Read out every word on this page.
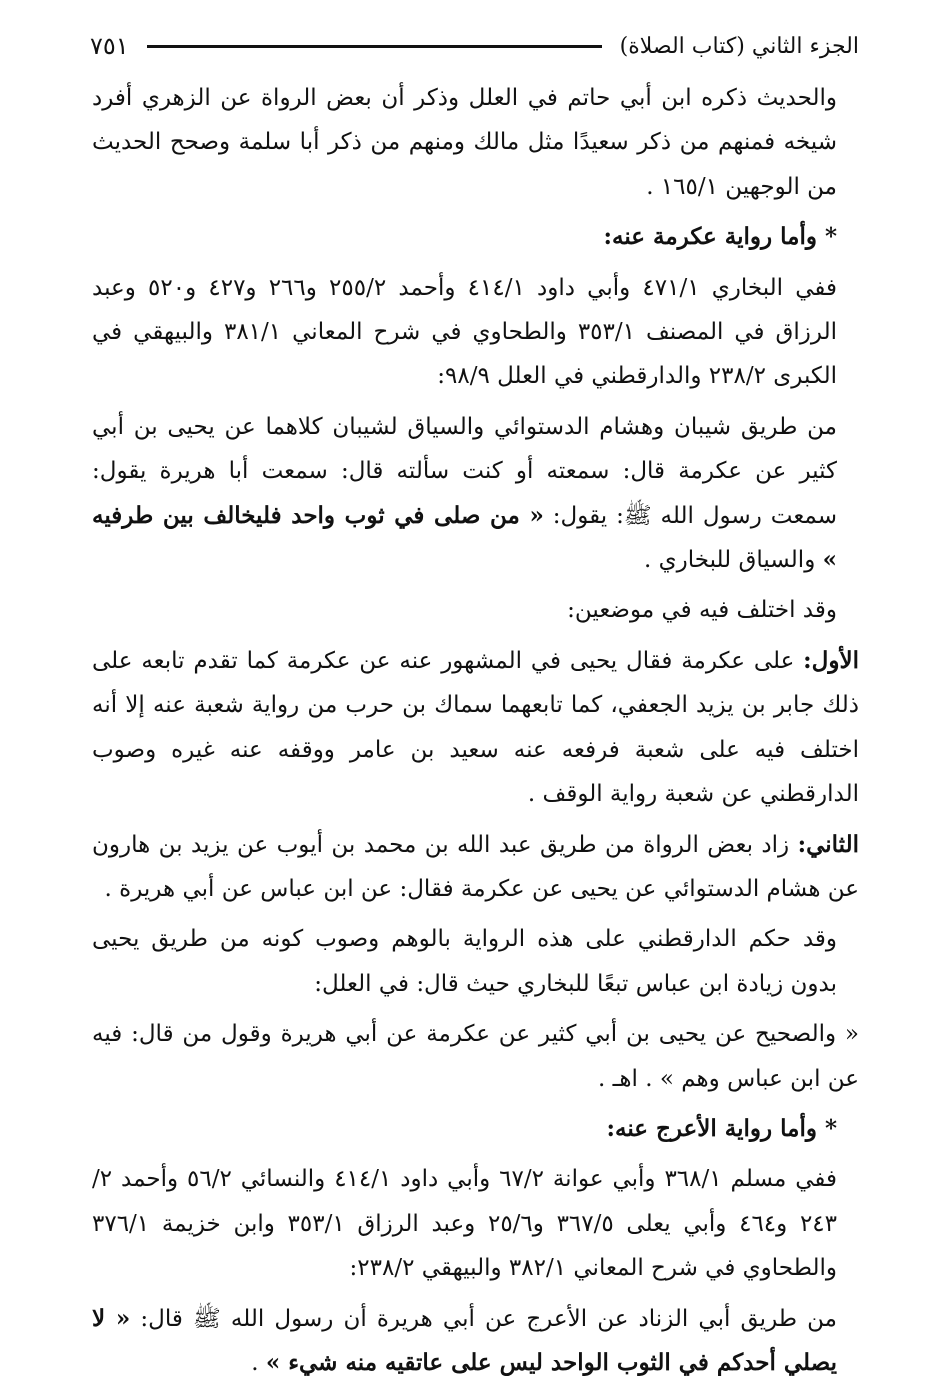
الجزء الثاني (كتاب الصلاة)
٧٥١

والحديث ذكره ابن أبي حاتم في العلل وذكر أن بعض الرواة عن الزهري أفرد شيخه فمنهم من ذكر سعيدًا مثل مالك ومنهم من ذكر أبا سلمة وصحح الحديث من الوجهين ١٦٥/١ .

* وأما رواية عكرمة عنه:

ففي البخاري ٤٧١/١ وأبي داود ٤١٤/١ وأحمد ٢٥٥/٢ و٢٦٦ و٤٢٧ و٥٢٠ وعبد الرزاق في المصنف ٣٥٣/١ والطحاوي في شرح المعاني ٣٨١/١ والبيهقي في الكبرى ٢٣٨/٢ والدارقطني في العلل ٩٨/٩:

من طريق شيبان وهشام الدستوائي والسياق لشيبان كلاهما عن يحيى بن أبي كثير عن عكرمة قال: سمعته أو كنت سألته قال: سمعت أبا هريرة يقول: سمعت رسول الله ﷺ: يقول: « من صلى في ثوب واحد فليخالف بين طرفيه » والسياق للبخاري .

وقد اختلف فيه في موضعين:

الأول: على عكرمة فقال يحيى في المشهور عنه عن عكرمة كما تقدم تابعه على ذلك جابر بن يزيد الجعفي، كما تابعهما سماك بن حرب من رواية شعبة عنه إلا أنه اختلف فيه على شعبة فرفعه عنه سعيد بن عامر ووقفه عنه غيره وصوب الدارقطني عن شعبة رواية الوقف .

الثاني: زاد بعض الرواة من طريق عبد الله بن محمد بن أيوب عن يزيد بن هارون عن هشام الدستوائي عن يحيى عن عكرمة فقال: عن ابن عباس عن أبي هريرة .

وقد حكم الدارقطني على هذه الرواية بالوهم وصوب كونه من طريق يحيى بدون زيادة ابن عباس تبعًا للبخاري حيث قال: في العلل:

« والصحيح عن يحيى بن أبي كثير عن عكرمة عن أبي هريرة وقول من قال: فيه عن ابن عباس وهم » . اهـ .

* وأما رواية الأعرج عنه:

ففي مسلم ٣٦٨/١ وأبي عوانة ٦٧/٢ وأبي داود ٤١٤/١ والنسائي ٥٦/٢ وأحمد ٢/ ٢٤٣ و٤٦٤ وأبي يعلى ٣٦٧/٥ و٢٥/٦ وعبد الرزاق ٣٥٣/١ وابن خزيمة ٣٧٦/١ والطحاوي في شرح المعاني ٣٨٢/١ والبيهقي ٢٣٨/٢:

من طريق أبي الزناد عن الأعرج عن أبي هريرة أن رسول الله ﷺ قال: « لا يصلي أحدكم في الثوب الواحد ليس على عاتقيه منه شيء » .
